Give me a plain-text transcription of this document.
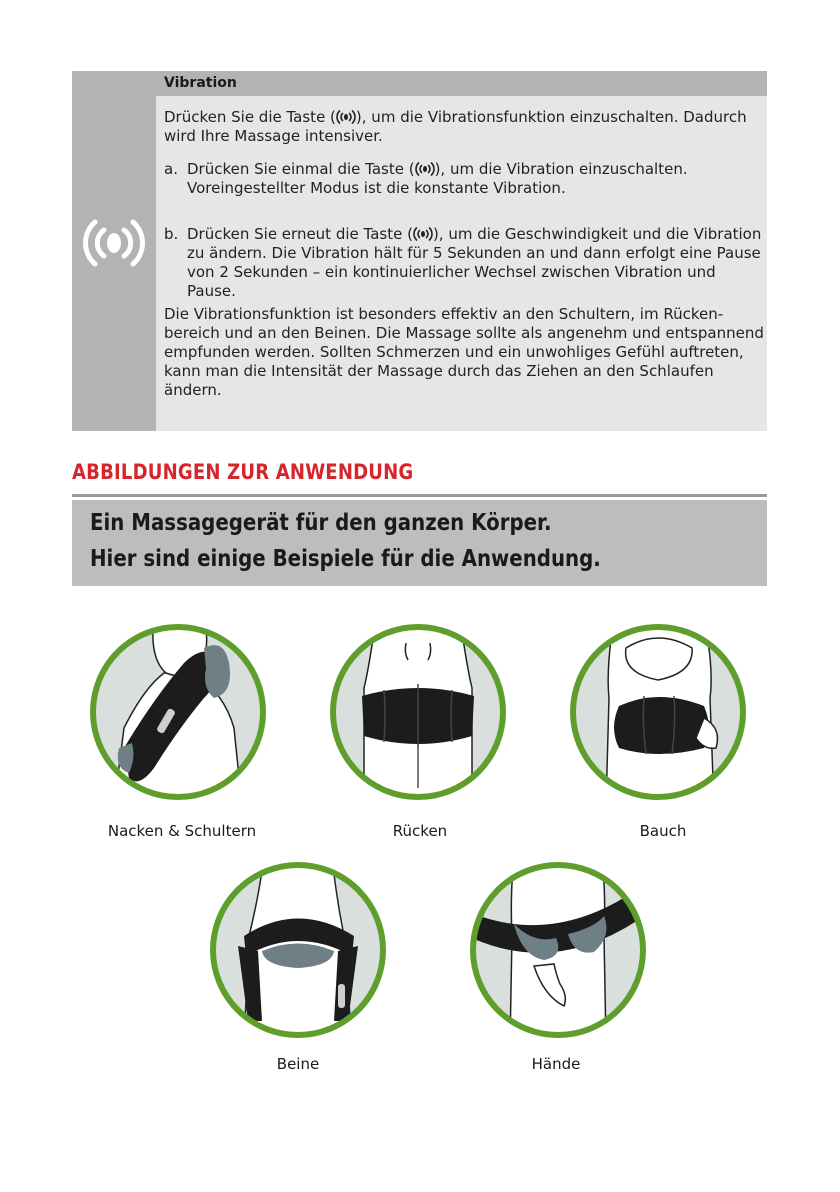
Vibration

Drücken Sie die Taste ( ), um die Vibrationsfunktion einzuschalten. Dadurch wird Ihre Massage intensiver.

a. Drücken Sie einmal die Taste ( ), um die Vibration einzuschalten. Voreingestellter Modus ist die konstante Vibration.
b. Drücken Sie erneut die Taste ( ), um die Geschwindigkeit und die Vibration zu ändern. Die Vibration hält für 5 Sekunden an und dann erfolgt eine Pause von 2 Sekunden – ein kontinuierlicher Wechsel zwischen Vibration und Pause.

Die Vibrationsfunktion ist besonders effektiv an den Schultern, im Rücken-bereich und an den Beinen. Die Massage sollte als angenehm und entspannend empfunden werden. Sollten Schmerzen und ein unwohliges Gefühl auftreten, kann man die Intensität der Massage durch das Ziehen an den Schlaufen ändern.

ABBILDUNGEN ZUR ANWENDUNG
Ein Massagegerät für den ganzen Körper.
Hier sind einige Beispiele für die Anwendung.
Nacken & Schultern	Rücken	Bauch
Beine	Hände
